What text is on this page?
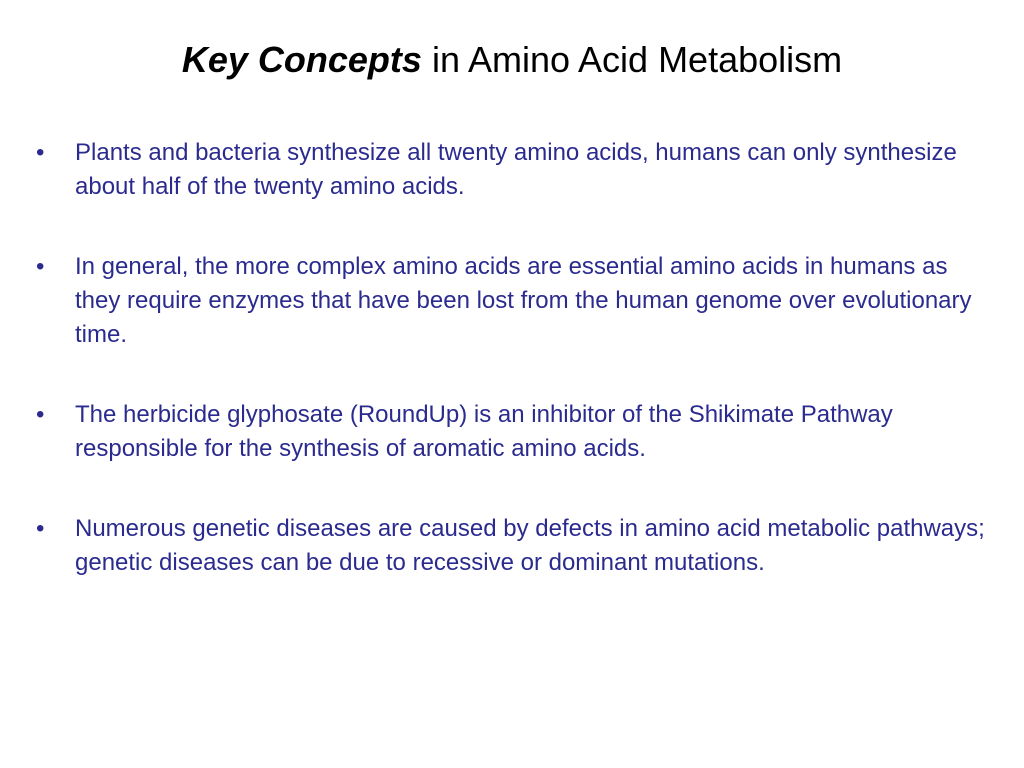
Key Concepts in Amino Acid Metabolism
•	Plants and bacteria synthesize all twenty amino acids, humans can only synthesize about half of the twenty amino acids.
•	In general, the more complex amino acids are essential amino acids in humans as they require enzymes that have been lost from the human genome over evolutionary time.
•	The herbicide glyphosate (RoundUp) is an inhibitor of the Shikimate Pathway responsible for the synthesis of aromatic amino acids.
•	Numerous genetic diseases are caused by defects in amino acid metabolic pathways; genetic diseases can be due to recessive or dominant mutations.
